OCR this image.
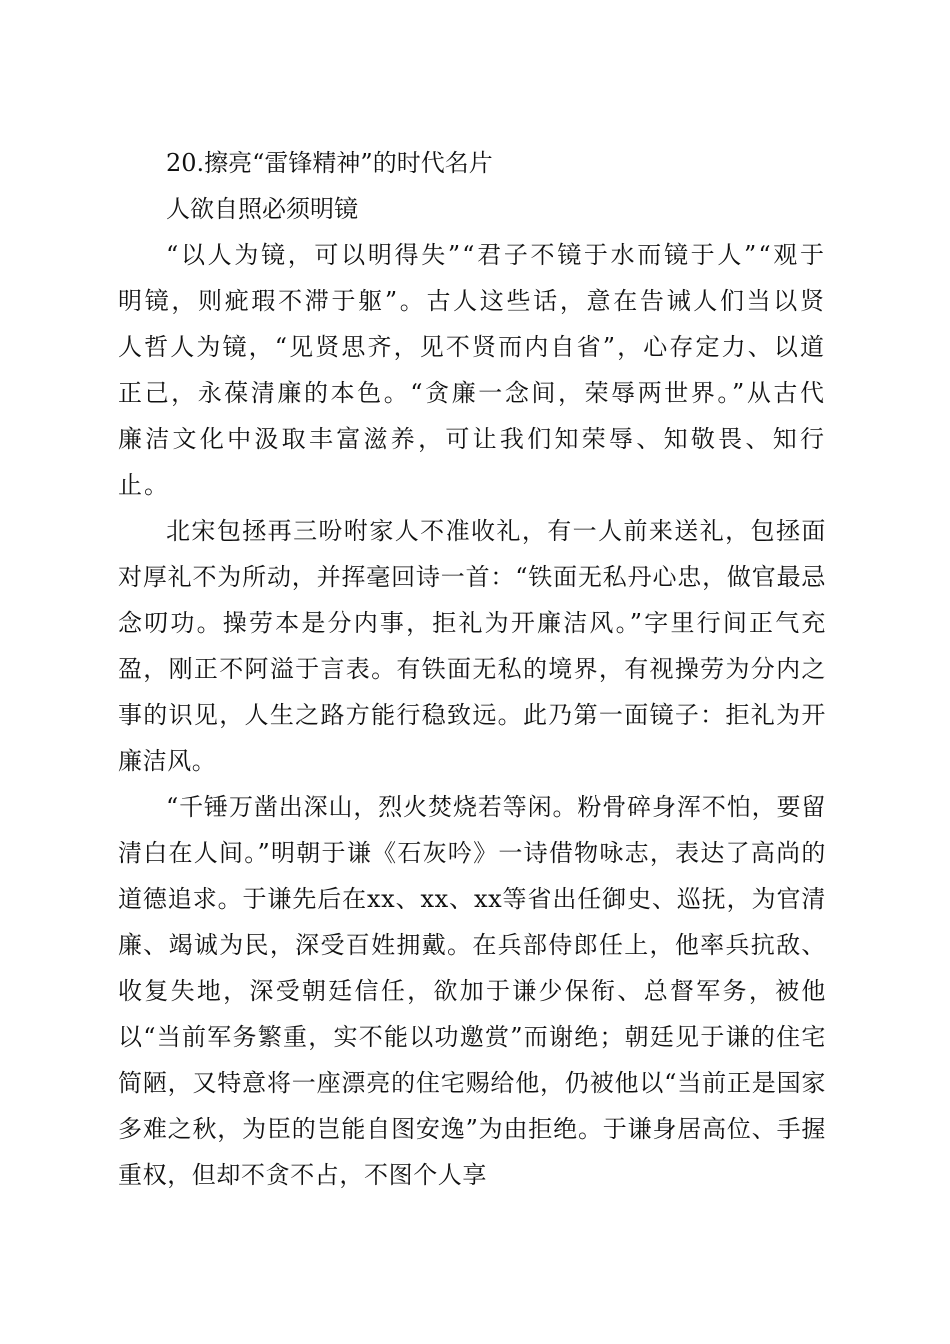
20.擦亮“雷锋精神”的时代名片
人欲自照必须明镜

“以人为镜，可以明得失”“君子不镜于水而镜于人”“观于明镜，则疵瑕不滞于躯”。古人这些话，意在告诫人们当以贤人哲人为镜，“见贤思齐，见不贤而内自省”，心存定力、以道正己，永葆清廉的本色。“贪廉一念间，荣辱两世界。”从古代廉洁文化中汲取丰富滋养，可让我们知荣辱、知敬畏、知行止。

北宋包拯再三吩咐家人不准收礼，有一人前来送礼，包拯面对厚礼不为所动，并挥毫回诗一首：“铁面无私丹心忠，做官最忌念叨功。操劳本是分内事，拒礼为开廉洁风。”字里行间正气充盈，刚正不阿溢于言表。有铁面无私的境界，有视操劳为分内之事的识见，人生之路方能行稳致远。此乃第一面镜子：拒礼为开廉洁风。

“千锤万凿出深山，烈火焚烧若等闲。粉骨碎身浑不怕，要留清白在人间。”明朝于谦《石灰吟》一诗借物咏志，表达了高尚的道德追求。于谦先后在xx、xx、xx等省出任御史、巡抚，为官清廉、竭诚为民，深受百姓拥戴。在兵部侍郎任上，他率兵抗敌、收复失地，深受朝廷信任，欲加于谦少保衔、总督军务，被他以“当前军务繁重，实不能以功邀赏”而谢绝；朝廷见于谦的住宅简陋，又特意将一座漂亮的住宅赐给他，仍被他以“当前正是国家多难之秋，为臣的岂能自图安逸”为由拒绝。于谦身居高位、手握重权，但却不贪不占，不图个人享
